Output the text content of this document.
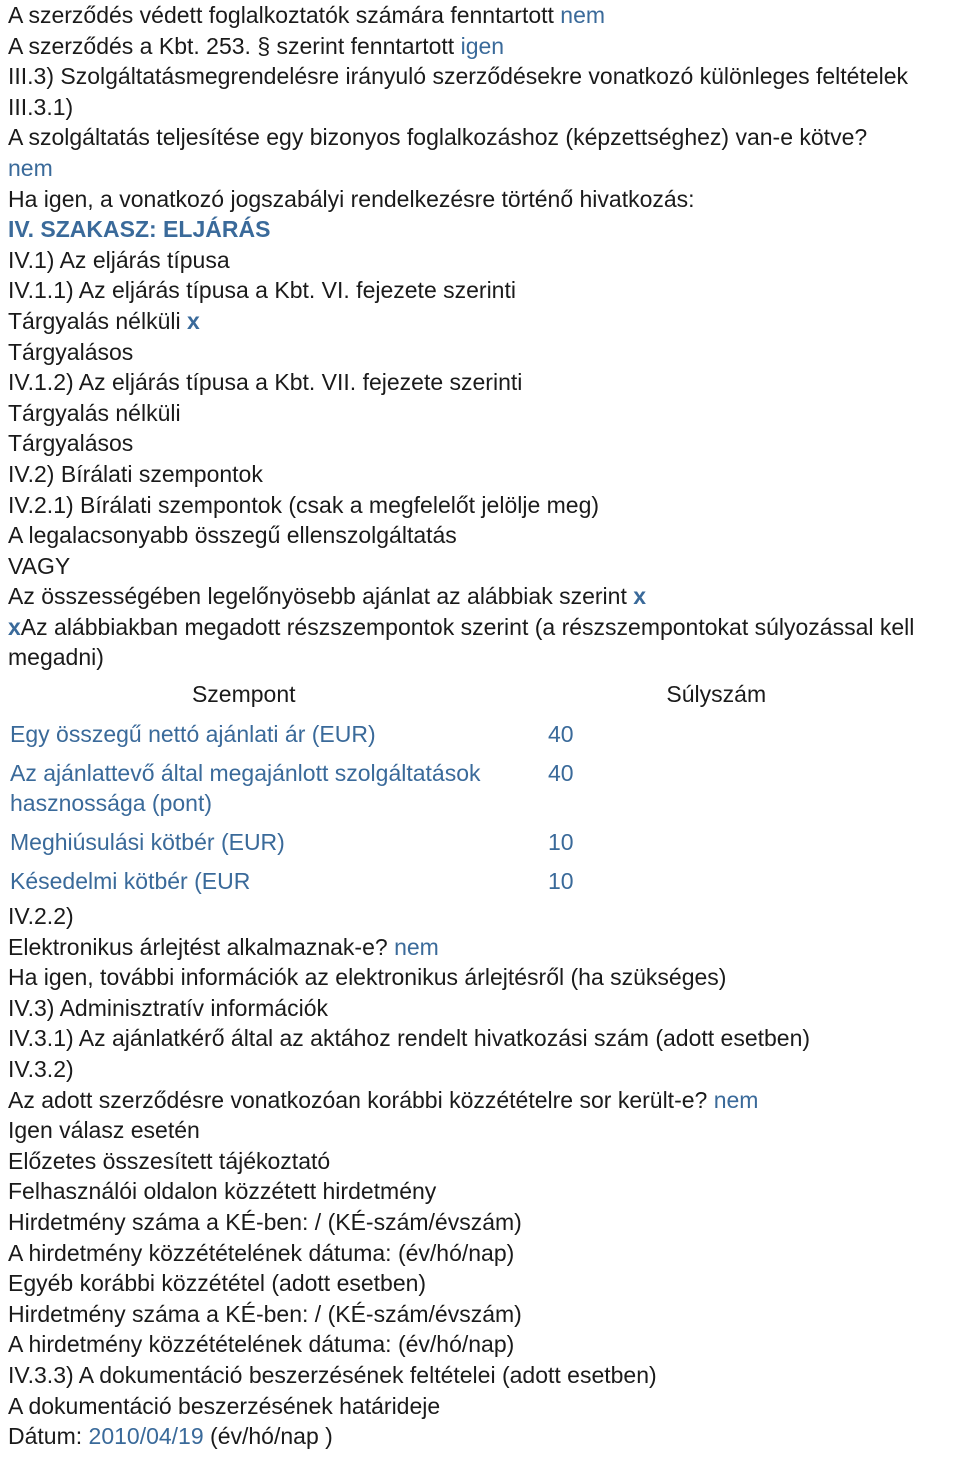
A szerződés védett foglalkoztatók számára fenntartott nem
A szerződés a Kbt. 253. § szerint fenntartott igen
III.3) Szolgáltatásmegrendelésre irányuló szerződésekre vonatkozó különleges feltételek
III.3.1)
A szolgáltatás teljesítése egy bizonyos foglalkozáshoz (képzettséghez) van-e kötve?
nem
Ha igen, a vonatkozó jogszabályi rendelkezésre történő hivatkozás:
IV. SZAKASZ: ELJÁRÁS
IV.1) Az eljárás típusa
IV.1.1) Az eljárás típusa a Kbt. VI. fejezete szerinti
Tárgyalás nélküli x
Tárgyalásos
IV.1.2) Az eljárás típusa a Kbt. VII. fejezete szerinti
Tárgyalás nélküli
Tárgyalásos
IV.2) Bírálati szempontok
IV.2.1) Bírálati szempontok (csak a megfelelőt jelölje meg)
A legalacsonyabb összegű ellenszolgáltatás
VAGY
Az összességében legelőnyösebb ajánlat az alábbiak szerint x
xAz alábbiakban megadott részszempontok szerint (a részszempontokat súlyozással kell megadni)
Szempont	Súlyszám
Egy összegű nettó ajánlati ár (EUR)	40
Az ajánlattevő által megajánlott szolgáltatások hasznossága (pont)	40
Meghiúsulási kötbér (EUR)	10
Késedelmi kötbér (EUR	10
IV.2.2)
Elektronikus árlejtést alkalmaznak-e? nem
Ha igen, további információk az elektronikus árlejtésről (ha szükséges)
IV.3) Adminisztratív információk
IV.3.1) Az ajánlatkérő által az aktához rendelt hivatkozási szám (adott esetben)
IV.3.2)
Az adott szerződésre vonatkozóan korábbi közzétételre sor került-e? nem
Igen válasz esetén
Előzetes összesített tájékoztató
Felhasználói oldalon közzétett hirdetmény
Hirdetmény száma a KÉ-ben: / (KÉ-szám/évszám)
A hirdetmény közzétételének dátuma: (év/hó/nap)
Egyéb korábbi közzététel (adott esetben)
Hirdetmény száma a KÉ-ben: / (KÉ-szám/évszám)
A hirdetmény közzétételének dátuma: (év/hó/nap)
IV.3.3) A dokumentáció beszerzésének feltételei (adott esetben)
A dokumentáció beszerzésének határideje
Dátum: 2010/04/19 (év/hó/nap )
